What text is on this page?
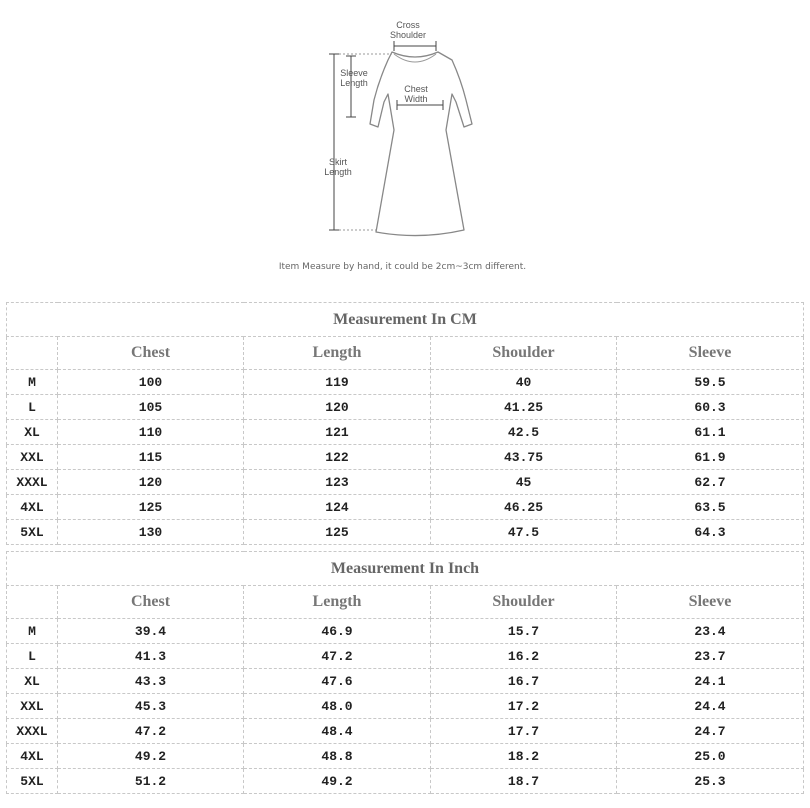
Cross
Shoulder
Sleeve
Length
Chest
Width
Skirt
Length
Item Measure by hand, it could be 2cm~3cm different.
Measurement In CM				
	Chest	Length	Shoulder	Sleeve
M	100	119	40	59.5
L	105	120	41.25	60.3
XL	110	121	42.5	61.1
XXL	115	122	43.75	61.9
XXXL	120	123	45	62.7
4XL	125	124	46.25	63.5
5XL	130	125	47.5	64.3
Measurement In Inch				
	Chest	Length	Shoulder	Sleeve
M	39.4	46.9	15.7	23.4
L	41.3	47.2	16.2	23.7
XL	43.3	47.6	16.7	24.1
XXL	45.3	48.0	17.2	24.4
XXXL	47.2	48.4	17.7	24.7
4XL	49.2	48.8	18.2	25.0
5XL	51.2	49.2	18.7	25.3
